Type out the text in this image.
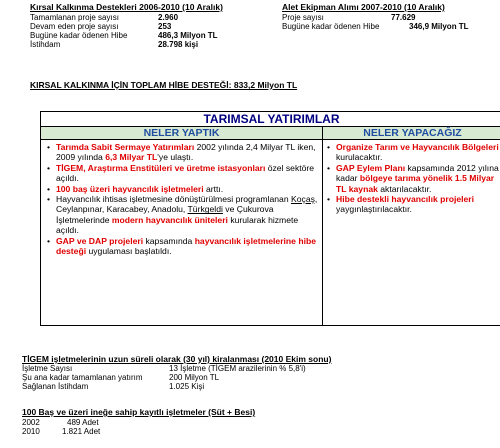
Kırsal Kalkınma Destekleri 2006-2010 (10 Aralık)
Tamamlanan proje sayısı	2.960
Devam eden proje sayısı	253
Bugüne kadar ödenen Hibe	486,3 Milyon TL
İstihdam	28.798 kişi
Alet Ekipman Alımı 2007-2010 (10 Aralık)
Proje sayısı	77.629
Bugüne kadar ödenen Hibe	346,9 Milyon TL
KIRSAL KALKINMA İÇİN TOPLAM HİBE DESTEĞİ: 833,2 Milyon TL
TARIMSAL YATIRIMLAR
NELER YAPTIK	NELER YAPACAĞIZ
• Tarımda Sabit Sermaye Yatırımları 2002 yılında 2,4 Milyar TL iken, 2009 yılında 6,3 Milyar TL'ye ulaştı.
• TİGEM, Araştırma Enstitüleri ve üretme istasyonları özel sektöre açıldı.
• 100 baş üzeri hayvancılık işletmeleri arttı.
• Hayvancılık ihtisas işletmesine dönüştürülmesi programlanan Koçaş, Ceylanpınar, Karacabey, Anadolu, Türkgeldi ve Çukurova İşletmelerinde modern hayvancılık üniteleri kurularak hizmete açıldı.
• GAP ve DAP projeleri kapsamında hayvancılık işletmelerine hibe desteği uygulaması başlatıldı.
• Organize Tarım ve Hayvancılık Bölgeleri kurulacaktır.
• GAP Eylem Planı kapsamında 2012 yılına kadar bölgeye tarıma yönelik 1.5 Milyar TL kaynak aktarılacaktır.
• Hibe destekli hayvancılık projeleri yaygınlaştırılacaktır.
TİGEM işletmelerinin uzun süreli olarak (30 yıl) kiralanması (2010 Ekim sonu)
İşletme Sayısı	13 İşletme (TİGEM arazilerinin % 5,8'i)
Şu ana kadar tamamlanan yatırım	200 Milyon TL
Sağlanan İstihdam	1.025 Kişi
100 Baş ve üzeri ineğe sahip kayıtlı işletmeler (Süt + Besi)
2002	489 Adet
2010	1.821 Adet
